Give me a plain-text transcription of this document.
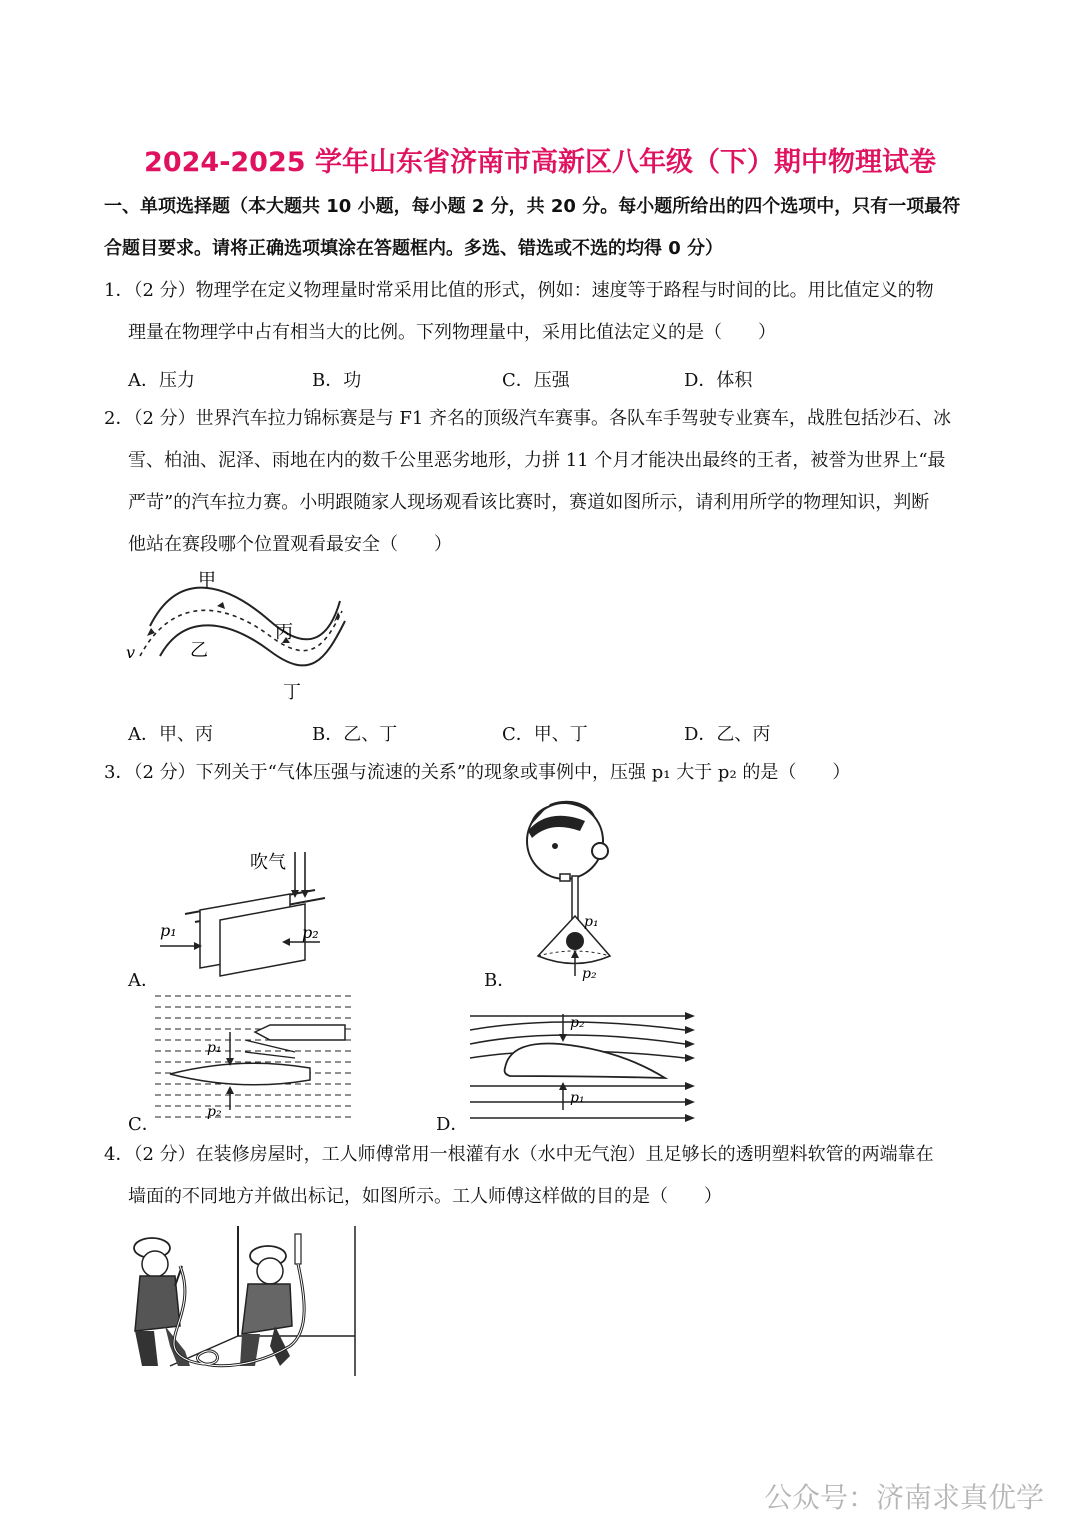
2024-2025 学年山东省济南市高新区八年级（下）期中物理试卷
一、单项选择题（本大题共 10 小题，每小题 2 分，共 20 分。每小题所给出的四个选项中，只有一项最符
合题目要求。请将正确选项填涂在答题框内。多选、错选或不选的均得 0 分）
1．（2 分）物理学在定义物理量时常采用比值的形式，例如：速度等于路程与时间的比。用比值定义的物
理量在物理学中占有相当大的比例。下列物理量中，采用比值法定义的是（　　）
A．压力	B．功	C．压强	D．体积
2．（2 分）世界汽车拉力锦标赛是与 F1 齐名的顶级汽车赛事。各队车手驾驶专业赛车，战胜包括沙石、冰
雪、柏油、泥泽、雨地在内的数千公里恶劣地形，力拼 11 个月才能决出最终的王者，被誉为世界上“最
严苛”的汽车拉力赛。小明跟随家人现场观看该比赛时，赛道如图所示，请利用所学的物理知识，判断
他站在赛段哪个位置观看最安全（　　）
甲
乙
丙
丁
v
A．甲、丙	B．乙、丁	C．甲、丁	D．乙、丙
3．（2 分）下列关于“气体压强与流速的关系”的现象或事例中，压强 p₁ 大于 p₂ 的是（　　）
吹气
p₁	p₂
A．
p₁
p₂
B．
p₁
p₂
C．
p₂
p₁
D．
4．（2 分）在装修房屋时，工人师傅常用一根灌有水（水中无气泡）且足够长的透明塑料软管的两端靠在
墙面的不同地方并做出标记，如图所示。工人师傅这样做的目的是（　　）
公众号：济南求真优学
